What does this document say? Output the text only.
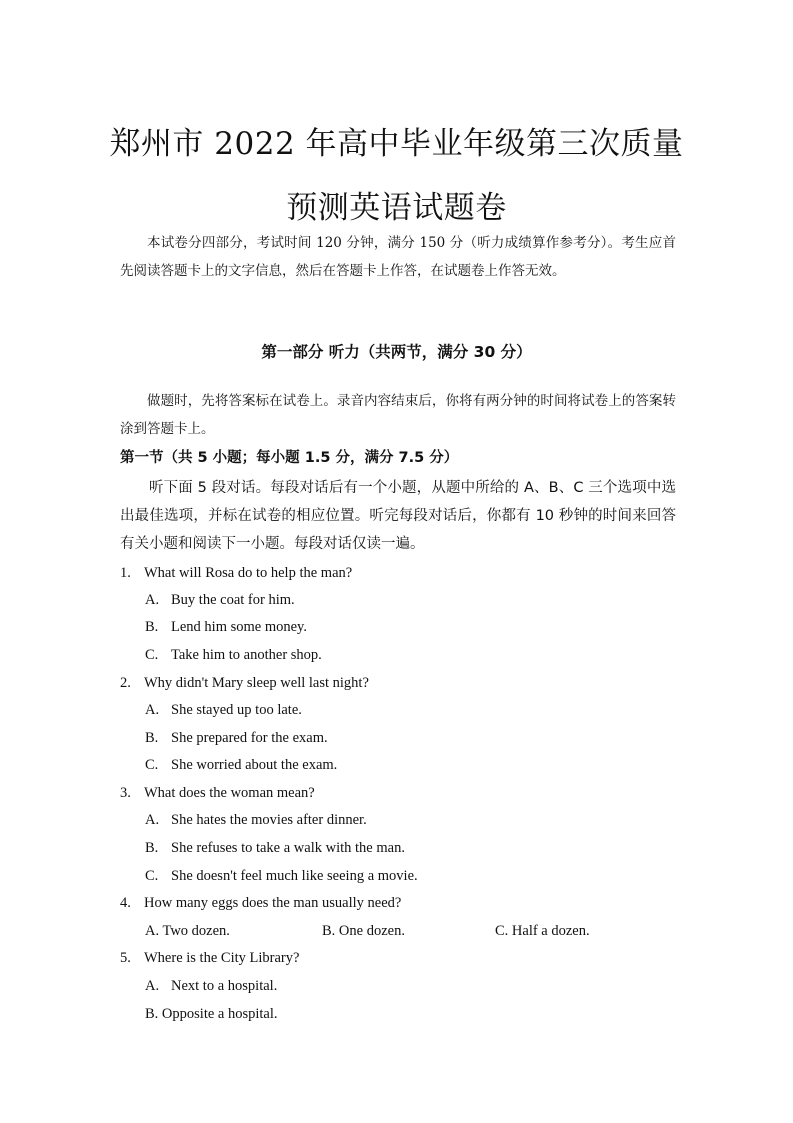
郑州市 2022 年高中毕业年级第三次质量
预测英语试题卷

本试卷分四部分，考试时间 120 分钟，满分 150 分（听力成绩算作参考分）。考生应首先阅读答题卡上的文字信息，然后在答题卡上作答，在试题卷上作答无效。

第一部分 听力（共两节，满分 30 分）

做题时，先将答案标在试卷上。录音内容结束后，你将有两分钟的时间将试卷上的答案转涂到答题卡上。

第一节（共 5 小题；每小题 1.5 分，满分 7.5 分）

听下面 5 段对话。每段对话后有一个小题，从题中所给的 A、B、C 三个选项中选出最佳选项，并标在试卷的相应位置。听完每段对话后，你都有 10 秒钟的时间来回答有关小题和阅读下一小题。每段对话仅读一遍。

1. What will Rosa do to help the man?
A. Buy the coat for him.
B. Lend him some money.
C. Take him to another shop.
2. Why didn't Mary sleep well last night?
A. She stayed up too late.
B. She prepared for the exam.
C. She worried about the exam.
3. What does the woman mean?
A. She hates the movies after dinner.
B. She refuses to take a walk with the man.
C. She doesn't feel much like seeing a movie.
4. How many eggs does the man usually need?
A. Two dozen.	B. One dozen.	C. Half a dozen.
5. Where is the City Library?
A. Next to a hospital.
B. Opposite a hospital.
